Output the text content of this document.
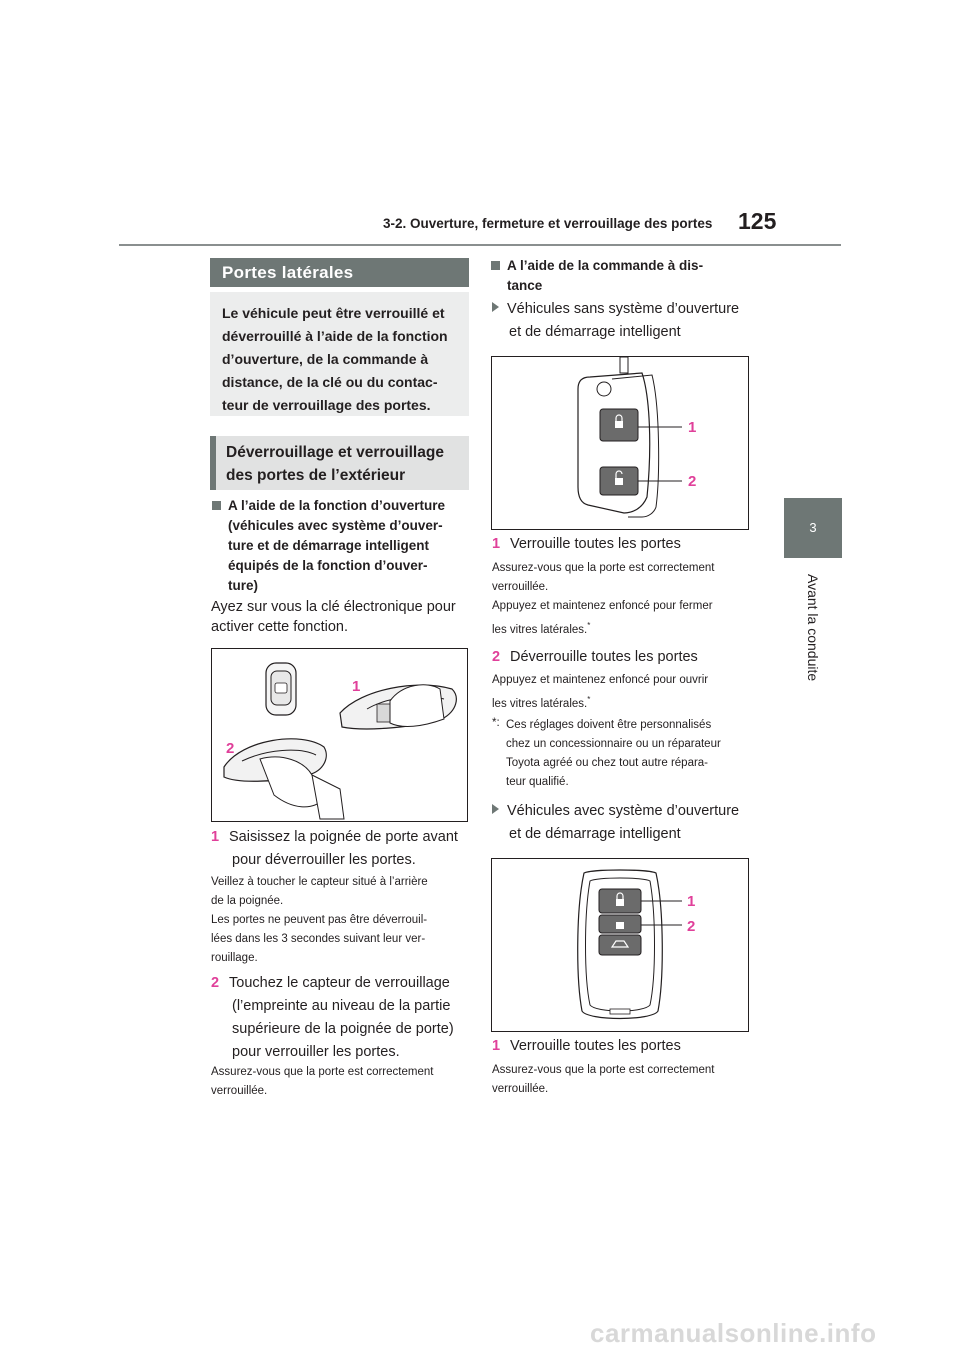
3-2. Ouverture, fermeture et verrouillage des portes 125
3
Avant la conduite
Portes latérales
Le véhicule peut être verrouillé et
déverrouillé à l’aide de la fonction
d’ouverture, de la commande à
distance, de la clé ou du contac-
teur de verrouillage des portes.
Déverrouillage et verrouillage
des portes de l’extérieur
A l’aide de la fonction d’ouverture
(véhicules avec système d’ouver-
ture et de démarrage intelligent
équipés de la fonction d’ouver-
ture)
Ayez sur vous la clé électronique pour
activer cette fonction.
1
2
1 Saisissez la poignée de porte avant
pour déverrouiller les portes.
Veillez à toucher le capteur situé à l’arrière
de la poignée.
Les portes ne peuvent pas être déverrouil-
lées dans les 3 secondes suivant leur ver-
rouillage.
2 Touchez le capteur de verrouillage
(l’empreinte au niveau de la partie
supérieure de la poignée de porte)
pour verrouiller les portes.
Assurez-vous que la porte est correctement
verrouillée.
A l’aide de la commande à dis-
tance
Véhicules sans système d’ouverture
et de démarrage intelligent
1
2
1 Verrouille toutes les portes
Assurez-vous que la porte est correctement
verrouillée.
Appuyez et maintenez enfoncé pour fermer
les vitres latérales.*
2 Déverrouille toutes les portes
Appuyez et maintenez enfoncé pour ouvrir
les vitres latérales.*
*: Ces réglages doivent être personnalisés
chez un concessionnaire ou un réparateur
Toyota agréé ou chez tout autre répara-
teur qualifié.
Véhicules avec système d’ouverture
et de démarrage intelligent
1
2
1 Verrouille toutes les portes
Assurez-vous que la porte est correctement
verrouillée.
carmanualsonline.info
